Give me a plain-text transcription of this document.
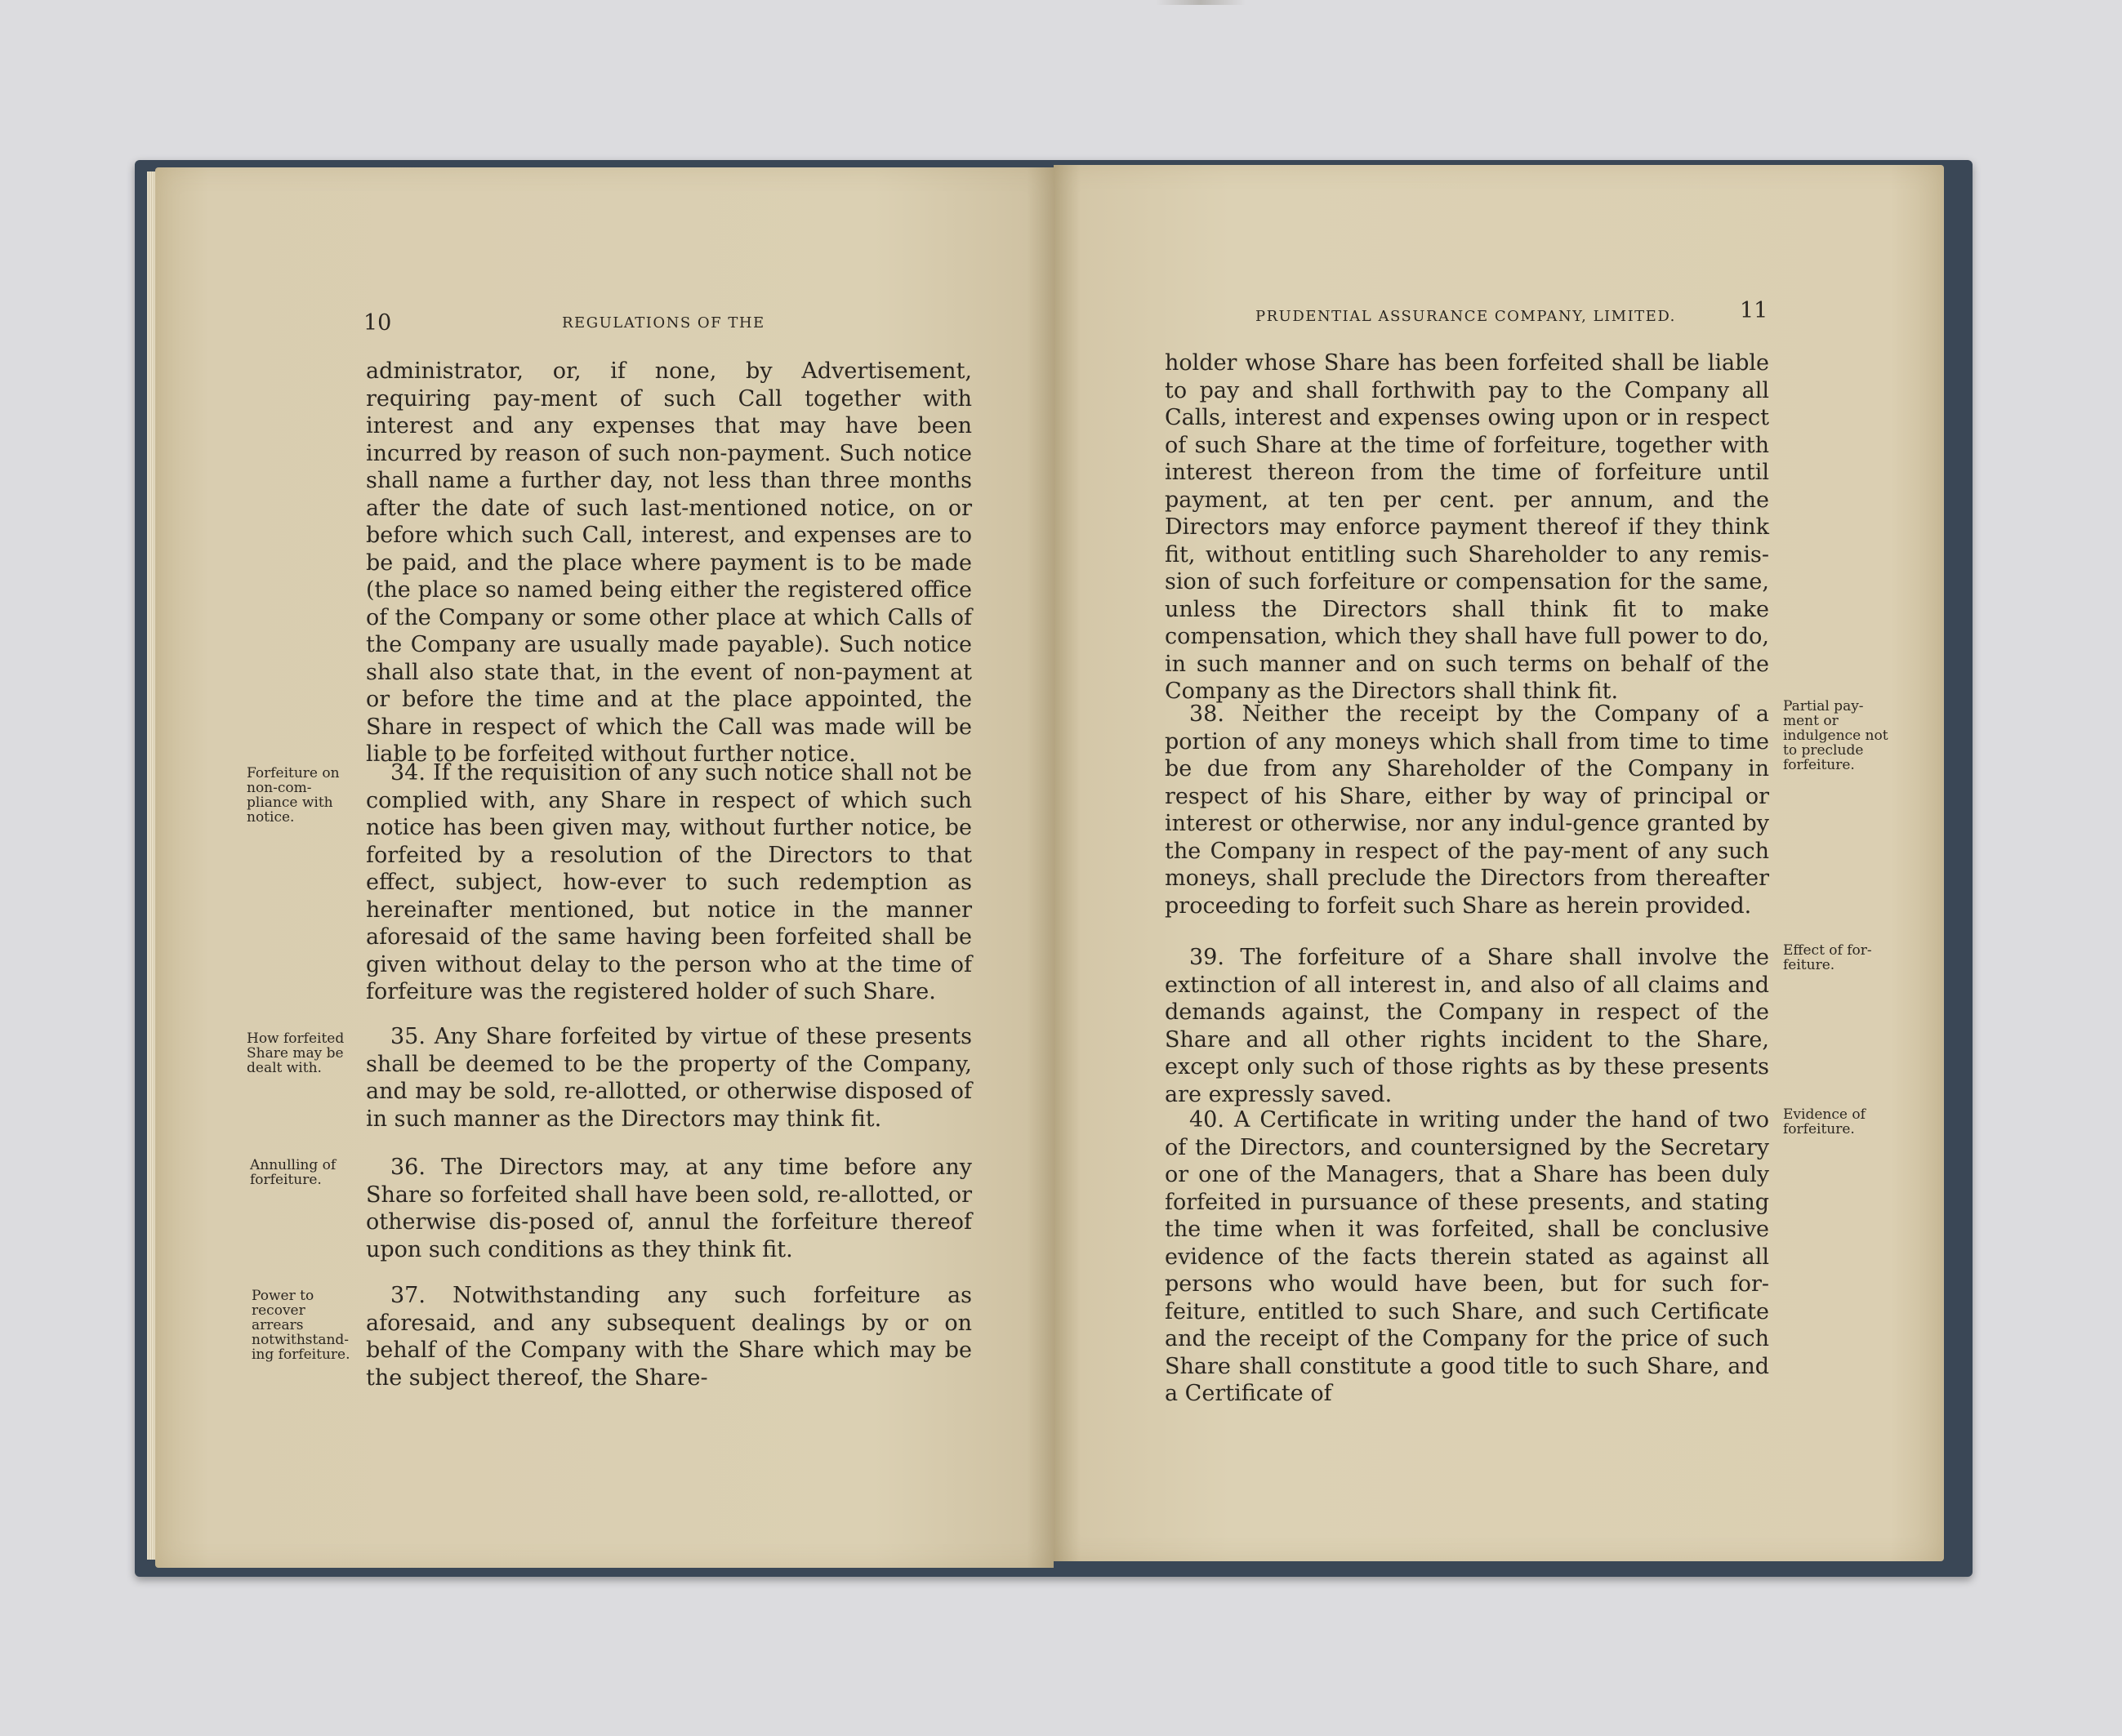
10	REGULATIONS OF THE

administrator, or, if none, by Advertisement, requiring pay-ment of such Call together with interest and any expenses that may have been incurred by reason of such non-payment. Such notice shall name a further day, not less than three months after the date of such last-mentioned notice, on or before which such Call, interest, and expenses are to be paid, and the place where payment is to be made (the place so named being either the registered office of the Company or some other place at which Calls of the Company are usually made payable). Such notice shall also state that, in the event of non-payment at or before the time and at the place appointed, the Share in respect of which the Call was made will be liable to be forfeited without further notice.

34. If the requisition of any such notice shall not be complied with, any Share in respect of which such notice has been given may, without further notice, be forfeited by a resolution of the Directors to that effect, subject, how-ever to such redemption as hereinafter mentioned, but notice in the manner aforesaid of the same having been forfeited shall be given without delay to the person who at the time of forfeiture was the registered holder of such Share.

35. Any Share forfeited by virtue of these presents shall be deemed to be the property of the Company, and may be sold, re-allotted, or otherwise disposed of in such manner as the Directors may think fit.

36. The Directors may, at any time before any Share so forfeited shall have been sold, re-allotted, or otherwise dis-posed of, annul the forfeiture thereof upon such conditions as they think fit.

37. Notwithstanding any such forfeiture as aforesaid, and any subsequent dealings by or on behalf of the Company with the Share which may be the subject thereof, the Share-

Forfeiture on non-com-pliance with notice.
How forfeited Share may be dealt with.
Annulling of forfeiture.
Power to recover arrears notwithstand-ing forfeiture.
PRUDENTIAL ASSURANCE COMPANY, LIMITED.	11

holder whose Share has been forfeited shall be liable to pay and shall forthwith pay to the Company all Calls, interest and expenses owing upon or in respect of such Share at the time of forfeiture, together with interest thereon from the time of forfeiture until payment, at ten per cent. per annum, and the Directors may enforce payment thereof if they think fit, without entitling such Shareholder to any remis-sion of such forfeiture or compensation for the same, unless the Directors shall think fit to make compensation, which they shall have full power to do, in such manner and on such terms on behalf of the Company as the Directors shall think fit.

38. Neither the receipt by the Company of a portion of any moneys which shall from time to time be due from any Shareholder of the Company in respect of his Share, either by way of principal or interest or otherwise, nor any indul-gence granted by the Company in respect of the pay-ment of any such moneys, shall preclude the Directors from thereafter proceeding to forfeit such Share as herein provided.

39. The forfeiture of a Share shall involve the extinction of all interest in, and also of all claims and demands against, the Company in respect of the Share and all other rights incident to the Share, except only such of those rights as by these presents are expressly saved.

40. A Certificate in writing under the hand of two of the Directors, and countersigned by the Secretary or one of the Managers, that a Share has been duly forfeited in pursuance of these presents, and stating the time when it was forfeited, shall be conclusive evidence of the facts therein stated as against all persons who would have been, but for such for-feiture, entitled to such Share, and such Certificate and the receipt of the Company for the price of such Share shall constitute a good title to such Share, and a Certificate of

Partial pay-ment or indulgence not to preclude forfeiture.
Effect of for-feiture.
Evidence of forfeiture.
